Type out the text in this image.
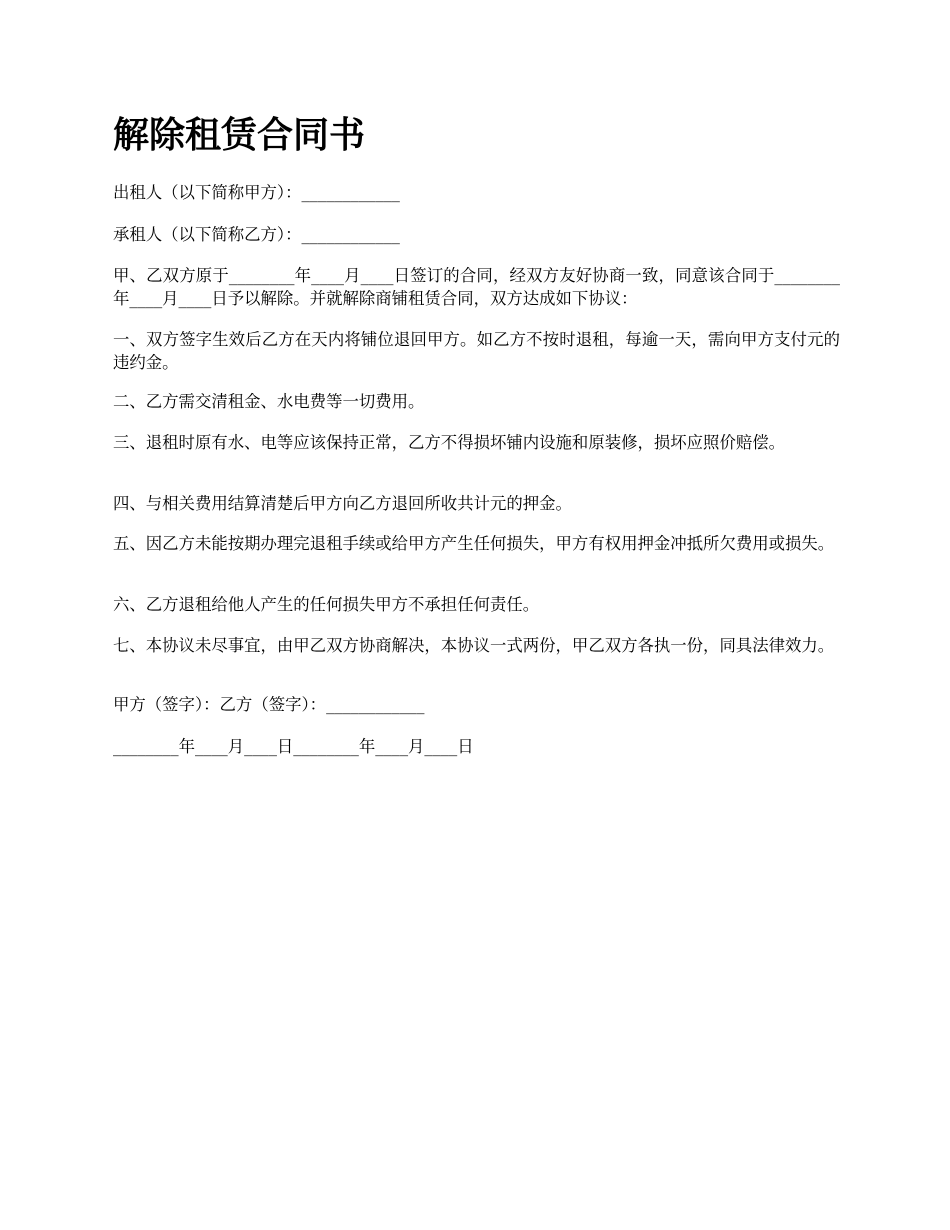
解除租赁合同书

出租人（以下简称甲方）：____________

承租人（以下简称乙方）：____________

甲、乙双方原于________年____月____日签订的合同，经双方友好协商一致，同意该合同于________年____月____日予以解除。并就解除商铺租赁合同，双方达成如下协议：

一、双方签字生效后乙方在天内将铺位退回甲方。如乙方不按时退租，每逾一天，需向甲方支付元的违约金。

二、乙方需交清租金、水电费等一切费用。

三、退租时原有水、电等应该保持正常，乙方不得损坏铺内设施和原装修，损坏应照价赔偿。

四、与相关费用结算清楚后甲方向乙方退回所收共计元的押金。

五、因乙方未能按期办理完退租手续或给甲方产生任何损失，甲方有权用押金冲抵所欠费用或损失。

六、乙方退租给他人产生的任何损失甲方不承担任何责任。

七、本协议未尽事宜，由甲乙双方协商解决，本协议一式两份，甲乙双方各执一份，同具法律效力。

甲方（签字）：乙方（签字）：____________

________年____月____日________年____月____日
